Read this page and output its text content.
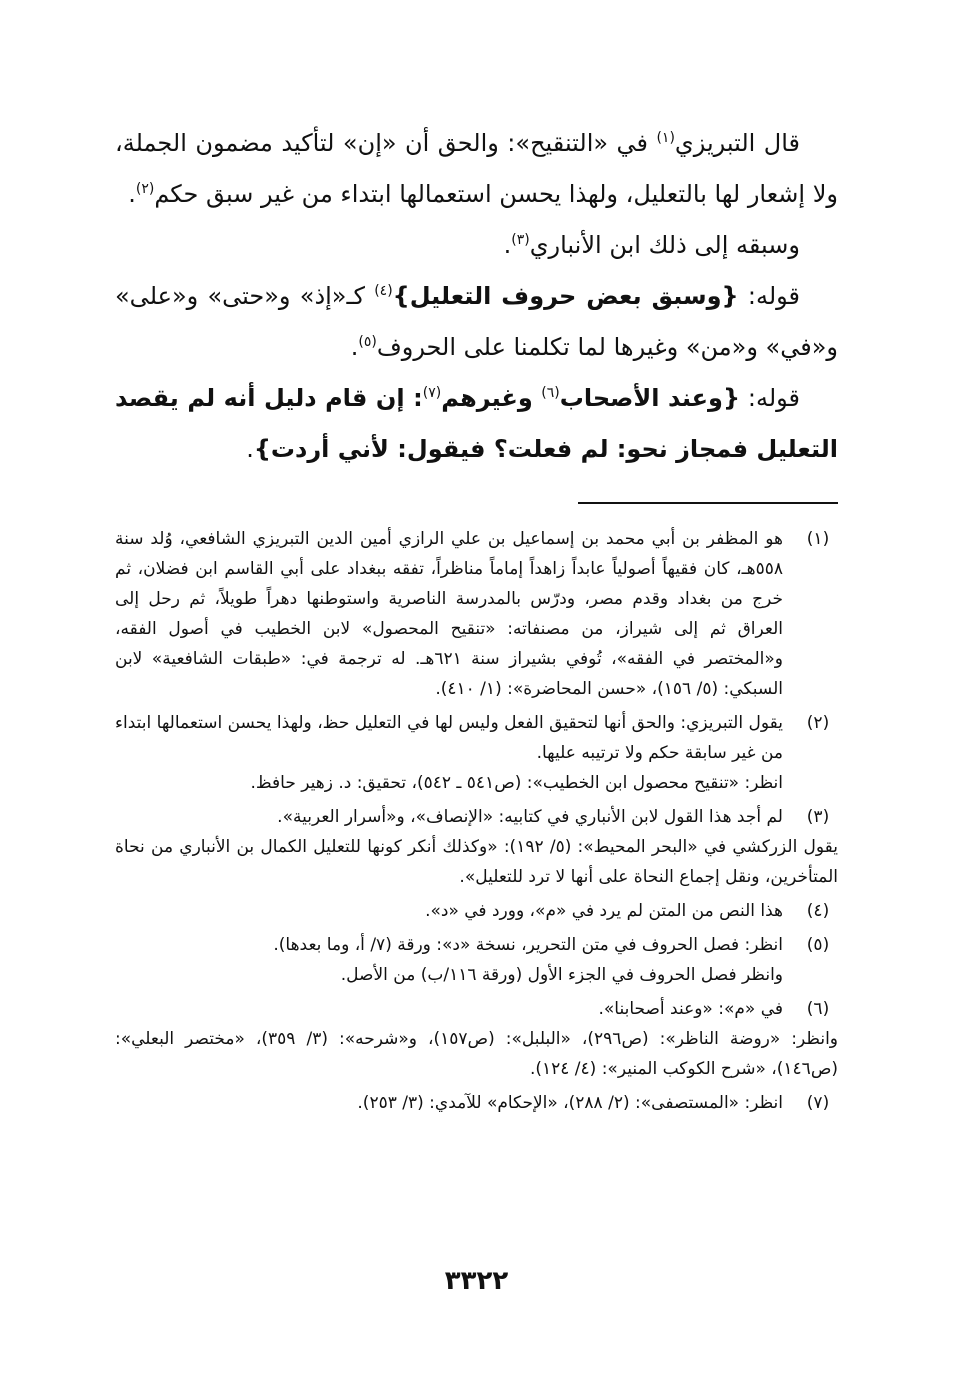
قال التبريزي$^{(١)}$ في «التنقيح»: والحق أن «إن» لتأكيد مضمون الجملة، ولا إشعار لها بالتعليل، ولهذا يحسن استعمالها ابتداء من غير سبق حكم$^{(٢)}$.

وسبقه إلى ذلك ابن الأنباري$^{(٣)}$.

قوله: {وسبق بعض حروف التعليل}$^{(٤)}$ كـ«إذ» و«حتى» و«على» و«في» و«من» وغيرها لما تكلمنا على الحروف$^{(٥)}$.

قوله: {وعند الأصحاب$^{(٦)}$ وغيرهم$^{(٧)}$: إن قام دليل أنه لم يقصد التعليل فمجاز نحو: لم فعلت؟ فيقول: لأني أردت}.

(١)
هو المظفر بن أبي محمد بن إسماعيل بن علي الرازي أمين الدين التبريزي الشافعي، وُلد سنة ٥٥٨هـ، كان فقيهاً أصولياً عابداً زاهداً إماماً مناظراً، تفقه ببغداد على أبي القاسم ابن فضلان، ثم خرج من بغداد وقدم مصر، ودرّس بالمدرسة الناصرية واستوطنها دهراً طويلاً، ثم رحل إلى العراق ثم إلى شيراز، من مصنفاته: «تنقيح المحصول» لابن الخطيب في أصول الفقه، و«المختصر في الفقه»، تُوفي بشيراز سنة ٦٢١هـ. له ترجمة في: «طبقات الشافعية» لابن السبكي: (٥/ ١٥٦)، «حسن المحاضرة»: (١/ ٤١٠).
(٢)
يقول التبريزي: والحق أنها لتحقيق الفعل وليس لها في التعليل حظ، ولهذا يحسن استعمالها ابتداء من غير سابقة حكم ولا ترتيبه عليها.
انظر: «تنقيح محصول ابن الخطيب»: (ص٥٤١ ـ ٥٤٢)، تحقيق: د. زهير حافظ.
(٣)
لم أجد هذا القول لابن الأنباري في كتابيه: «الإنصاف»، و«أسرار العربية».
يقول الزركشي في «البحر المحيط»: (٥/ ١٩٢): «وكذلك أنكر كونها للتعليل الكمال بن الأنباري من نحاة المتأخرين، ونقل إجماع النحاة على أنها لا ترد للتعليل».
(٤)
هذا النص من المتن لم يرد في «م»، وورد في «د».
(٥)
انظر: فصل الحروف في متن التحرير، نسخة «د»: ورقة (٧/ أ، وما بعدها).
وانظر فصل الحروف في الجزء الأول (ورقة ١١٦/ب) من الأصل.
(٦)
في «م»: «وعند أصحابنا».
وانظر: «روضة الناظر»: (ص٢٩٦)، «البلبل»: (ص١٥٧)، و«شرحه»: (٣/ ٣٥٩)، «مختصر البعلي»: (ص١٤٦)، «شرح الكوكب المنير»: (٤/ ١٢٤).
(٧)
انظر: «المستصفى»: (٢/ ٢٨٨)، «الإحكام» للآمدي: (٣/ ٢٥٣).
٣٣٢٢
